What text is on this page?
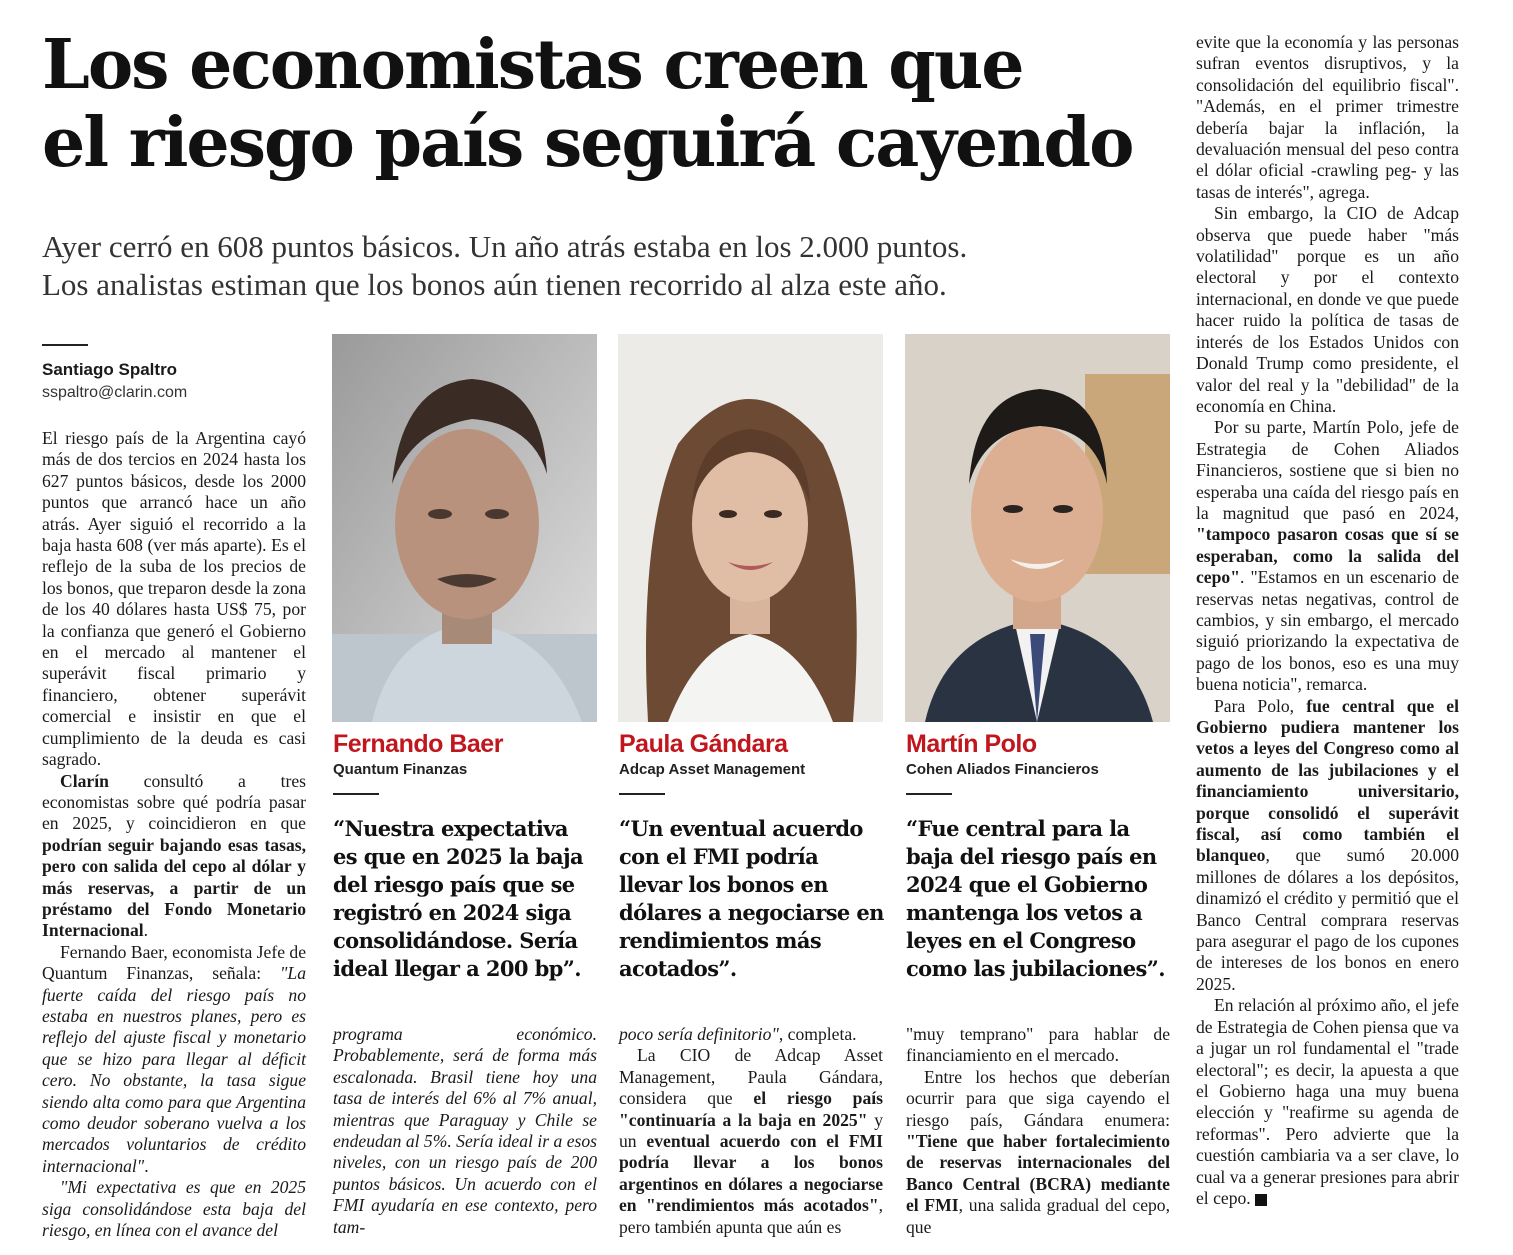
Los economistas creen que
el riesgo país seguirá cayendo
Ayer cerró en 608 puntos básicos. Un año atrás estaba en los 2.000 puntos.
Los analistas estiman que los bonos aún tienen recorrido al alza este año.
Santiago Spaltro
sspaltro@clarin.com

El riesgo país de la Argentina cayó más de dos tercios en 2024 hasta los 627 puntos básicos, desde los 2000 puntos que arrancó hace un año atrás. Ayer siguió el recorrido a la baja hasta 608 (ver más aparte). Es el reflejo de la suba de los precios de los bonos, que treparon desde la zona de los 40 dólares hasta US$ 75, por la confianza que generó el Gobierno en el mercado al mantener el superávit fiscal primario y financiero, obtener superávit comercial e insistir en que el cumplimiento de la deuda es casi sagrado.

Clarín consultó a tres economistas sobre qué podría pasar en 2025, y coincidieron en que podrían seguir bajando esas tasas, pero con salida del cepo al dólar y más reservas, a partir de un préstamo del Fondo Monetario Internacional.

Fernando Baer, economista Jefe de Quantum Finanzas, señala: "La fuerte caída del riesgo país no estaba en nuestros planes, pero es reflejo del ajuste fiscal y monetario que se hizo para llegar al déficit cero. No obstante, la tasa sigue siendo alta como para que Argentina como deudor soberano vuelva a los mercados voluntarios de crédito internacional".

"Mi expectativa es que en 2025 siga consolidándose esta baja del riesgo, en línea con el avance del

Fernando Baer
Quantum Finanzas
“Nuestra expectativa es que en 2025 la baja del riesgo país que se registró en 2024 siga consolidándose. Sería ideal llegar a 200 bp”.
Paula Gándara
Adcap Asset Management
“Un eventual acuerdo con el FMI podría llevar los bonos en dólares a negociarse en rendimientos más acotados”.
Martín Polo
Cohen Aliados Financieros
“Fue central para la baja del riesgo país en 2024 que el Gobierno mantenga los vetos a leyes en el Congreso como las jubilaciones”.

programa económico. Probablemente, será de forma más escalonada. Brasil tiene hoy una tasa de interés del 6% al 7% anual, mientras que Paraguay y Chile se endeudan al 5%. Sería ideal ir a esos niveles, con un riesgo país de 200 puntos básicos. Un acuerdo con el FMI ayudaría en ese contexto, pero tam-

poco sería definitorio", completa.

La CIO de Adcap Asset Management, Paula Gándara, considera que el riesgo país "continuaría a la baja en 2025" y un eventual acuerdo con el FMI podría llevar a los bonos argentinos en dólares a negociarse en "rendimientos más acotados", pero también apunta que aún es

"muy temprano" para hablar de financiamiento en el mercado.

Entre los hechos que deberían ocurrir para que siga cayendo el riesgo país, Gándara enumera: "Tiene que haber fortalecimiento de reservas internacionales del Banco Central (BCRA) mediante el FMI, una salida gradual del cepo, que

evite que la economía y las personas sufran eventos disruptivos, y la consolidación del equilibrio fiscal". "Además, en el primer trimestre debería bajar la inflación, la devaluación mensual del peso contra el dólar oficial -crawling peg- y las tasas de interés", agrega.

Sin embargo, la CIO de Adcap observa que puede haber "más volatilidad" porque es un año electoral y por el contexto internacional, en donde ve que puede hacer ruido la política de tasas de interés de los Estados Unidos con Donald Trump como presidente, el valor del real y la "debilidad" de la economía en China.

Por su parte, Martín Polo, jefe de Estrategia de Cohen Aliados Financieros, sostiene que si bien no esperaba una caída del riesgo país en la magnitud que pasó en 2024, "tampoco pasaron cosas que sí se esperaban, como la salida del cepo". "Estamos en un escenario de reservas netas negativas, control de cambios, y sin embargo, el mercado siguió priorizando la expectativa de pago de los bonos, eso es una muy buena noticia", remarca.

Para Polo, fue central que el Gobierno pudiera mantener los vetos a leyes del Congreso como al aumento de las jubilaciones y el financiamiento universitario, porque consolidó el superávit fiscal, así como también el blanqueo, que sumó 20.000 millones de dólares a los depósitos, dinamizó el crédito y permitió que el Banco Central comprara reservas para asegurar el pago de los cupones de intereses de los bonos en enero 2025.

En relación al próximo año, el jefe de Estrategia de Cohen piensa que va a jugar un rol fundamental el "trade electoral"; es decir, la apuesta a que el Gobierno haga una muy buena elección y "reafirme su agenda de reformas". Pero advierte que la cuestión cambiaria va a ser clave, lo cual va a generar presiones para abrir el cepo.
